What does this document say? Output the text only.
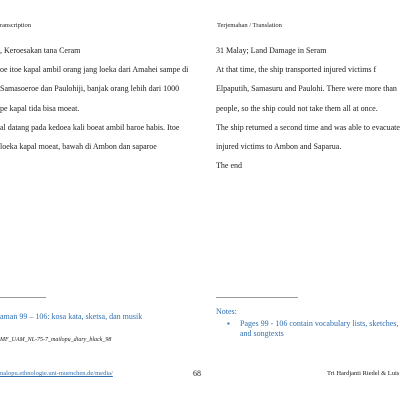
ranscription
, Keroesakan tana Ceram
oe itoe kapal ambil orang jang loeka dari Amahei sampe di
Samasoeroe dan Paulohiji, banjak orang lebih dari 1000
pe kapal tida bisa moeat.
al datang pada kedoea kali boeat ambil baroe habis. Itoe
loeka kapal moeat, bawah di Ambon dan saparoe
aman 99 – 106: kosa kata, sketsa, dan musik
MF_UAM_NL-75-7_mailopu_diary_black_98
nalopu.ethnologie.uni-muenchen.de/media/
Terjemahan / Translation
31 Malay; Land Damage in Seram
At that time, the ship transported injured victims f
Elpaputih, Samasuru and Paulohi. There were more than
people, so the ship could not take them all at once.
The ship returned a second time and was able to evacuate
injured victims to Ambon and Saparua.
The end
Notes:
▪	Pages 99 - 106 contain vocabulary lists, sketches, and songtexts
Tri Hardjanti Riedel & Luis
68
